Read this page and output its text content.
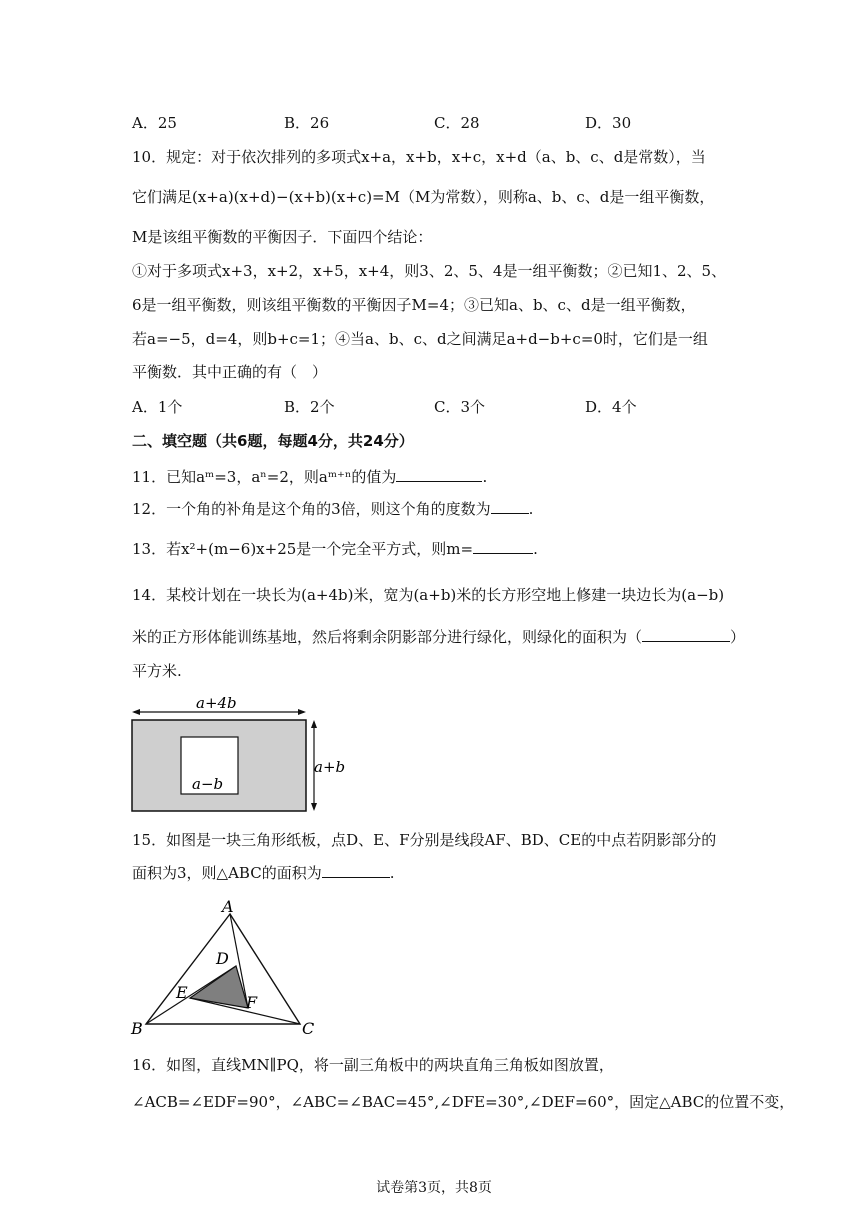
A．25	B．26	C．28	D．30
10．规定：对于依次排列的多项式x+a，x+b，x+c，x+d（a、b、c、d是常数），当
它们满足(x+a)(x+d)−(x+b)(x+c)=M（M为常数），则称a、b、c、d是一组平衡数，
M是该组平衡数的平衡因子．下面四个结论：
①对于多项式x+3，x+2，x+5，x+4，则3、2、5、4是一组平衡数；②已知1、2、5、
6是一组平衡数，则该组平衡数的平衡因子M=4；③已知a、b、c、d是一组平衡数，
若a=−5，d=4，则b+c=1；④当a、b、c、d之间满足a+d−b+c=0时，它们是一组
平衡数．其中正确的有（　）
A．1个	B．2个	C．3个	D．4个
二、填空题（共6题，每题4分，共24分）
11．已知aᵐ=3，aⁿ=2，则aᵐ⁺ⁿ的值为	.
12．一个角的补角是这个角的3倍，则这个角的度数为	.
13．若x²+(m−6)x+25是一个完全平方式，则m=	.
14．某校计划在一块长为(a+4b)米，宽为(a+b)米的长方形空地上修建一块边长为(a−b)
米的正方形体能训练基地，然后将剩余阴影部分进行绿化，则绿化的面积为（	）
平方米.
a+4b
a+b
a−b
15．如图是一块三角形纸板，点D、E、F分别是线段AF、BD、CE的中点若阴影部分的
面积为3，则△ABC的面积为	.
A
B	C
D
E
F
16．如图，直线MN∥PQ，将一副三角板中的两块直角三角板如图放置，
∠ACB=∠EDF=90°，∠ABC=∠BAC=45°,∠DFE=30°,∠DEF=60°，固定△ABC的位置不变，
试卷第3页，共8页
